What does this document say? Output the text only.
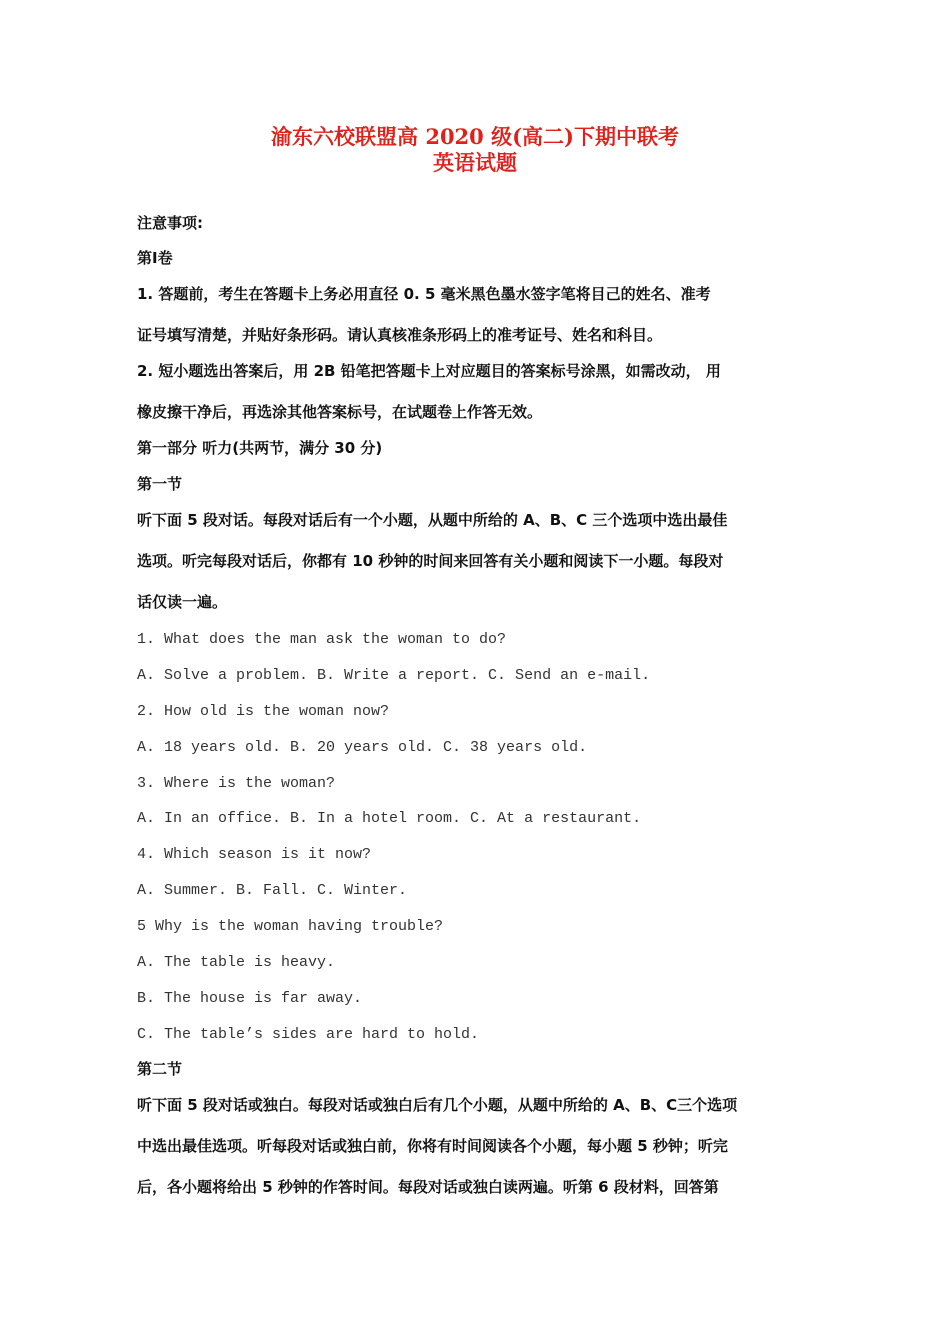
渝东六校联盟高 2020 级(高二)下期中联考
英语试题
注意事项:
第Ⅰ卷
1. 答题前，考生在答题卡上务必用直径 0. 5 毫米黑色墨水签字笔将目己的姓名、准考
证号填写清楚，并贴好条形码。请认真核准条形码上的准考证号、姓名和科目。
2. 短小题选出答案后，用 2B 铅笔把答题卡上对应题目的答案标号涂黑，如需改动， 用
橡皮擦干净后，再选涂其他答案标号，在试题卷上作答无效。
第一部分 听力(共两节，满分 30 分)
第一节
听下面 5 段对话。每段对话后有一个小题，从题中所给的 A、B、C 三个选项中选出最佳
选项。听完每段对话后，你都有 10 秒钟的时间来回答有关小题和阅读下一小题。每段对
话仅读一遍。
1. What does the man ask the woman to do?
A. Solve a problem. B. Write a report. C. Send an e-mail.
2. How old is the woman now?
A. 18 years old. B. 20 years old. C. 38 years old.
3. Where is the woman?
A. In an office. B. In a hotel room. C. At a restaurant.
4. Which season is it now?
A. Summer. B. Fall. C. Winter.
5 Why is the woman having trouble?
A. The table is heavy.
B. The house is far away.
C. The table’s sides are hard to hold.
第二节
听下面 5 段对话或独白。每段对话或独白后有几个小题，从题中所给的 A、B、C三个选项
中选出最佳选项。听每段对话或独白前，你将有时间阅读各个小题，每小题 5 秒钟；听完
后，各小题将给出 5 秒钟的作答时间。每段对话或独白读两遍。听第 6 段材料，回答第
